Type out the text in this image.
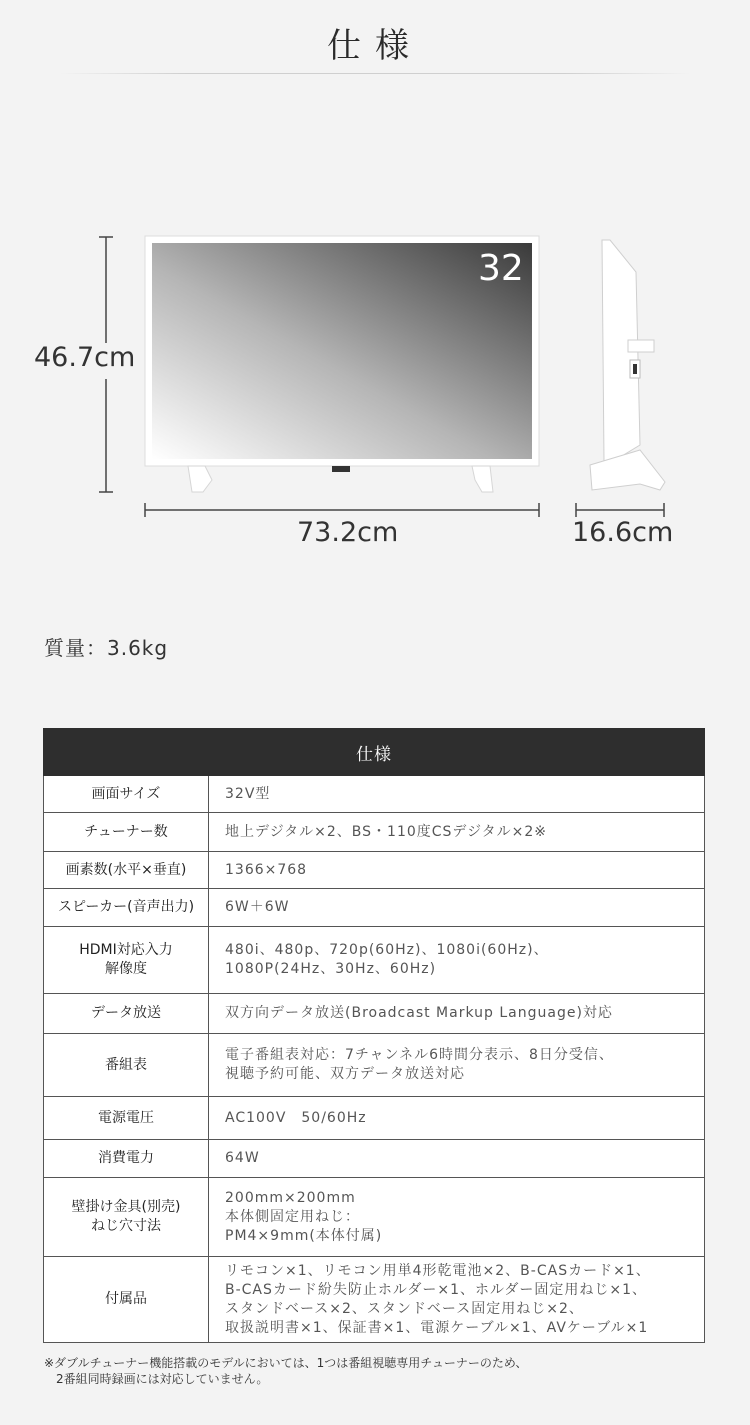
仕様
46.7cm
73.2cm	16.6cm
32
質量：3.6kg
仕様	

画面サイズ	32V型

チューナー数	地上デジタル×2、BS・110度CSデジタル×2※

画素数(水平×垂直)	1366×768

スピーカー(音声出力)	6W＋6W

HDMI対応入力
解像度	480i、480p、720p(60Hz)、1080i(60Hz)、
1080P(24Hz、30Hz、60Hz)

データ放送	双方向データ放送(Broadcast Markup Language)対応

番組表	電子番組表対応：7チャンネル6時間分表示、8日分受信、
視聴予約可能、双方データ放送対応

電源電圧	AC100V　50/60Hz

消費電力	64W

壁掛け金具(別売)
ねじ穴寸法	200mm×200mm
本体側固定用ねじ：
PM4×9mm(本体付属)

付属品	リモコン×1、リモコン用単4形乾電池×2、B-CASカード×1、
B-CASカード紛失防止ホルダー×1、ホルダー固定用ねじ×1、
スタンドベース×2、スタンドベース固定用ねじ×2、
取扱説明書×1、保証書×1、電源ケーブル×1、AVケーブル×1
※ダブルチューナー機能搭載のモデルにおいては、1つは番組視聴専用チューナーのため、
　2番組同時録画には対応していません。
